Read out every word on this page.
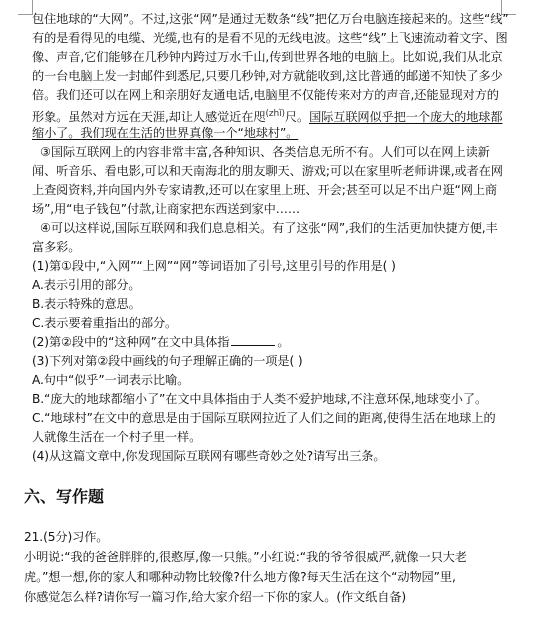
包住地球的“大网”。不过,这张“网”是通过无数条“线”把亿万台电脑连接起来的。这些“线”
有的是看得见的电缆、光缆,也有的是看不见的无线电波。这些“线”上飞速流动着文字、图
像、声音,它们能够在几秒钟内跨过万水千山,传到世界各地的电脑上。比如说,我们从北京
的一台电脑上发一封邮件到悉尼,只要几秒钟,对方就能收到,这比普通的邮递不知快了多少
倍。我们还可以在网上和亲朋好友通电话,电脑里不仅能传来对方的声音,还能显现对方的
形象。虽然对方远在天涯,却让人感觉近在咫$^{(zhǐ)}$尺。国际互联网似乎把一个庞大的地球都
缩小了。我们现在生活的世界真像一个“地球村”。
③国际互联网上的内容非常丰富,各种知识、各类信息无所不有。人们可以在网上读新
闻、听音乐、看电影,可以和天南海北的朋友聊天、游戏;可以在家里听老师讲课,或者在网
上查阅资料,并向国内外专家请教,还可以在家里上班、开会;甚至可以足不出户逛“网上商
场”,用“电子钱包”付款,让商家把东西送到家中……
④可以这样说,国际互联网和我们息息相关。有了这张“网”,我们的生活更加快捷方便,丰
富多彩。
(1)第①段中,“入网”“上网”“网”等词语加了引号,这里引号的作用是( )
A.表示引用的部分。
B.表示特殊的意思。
C.表示要着重指出的部分。
(2)第②段中的“这种网”在文中具体指	。
(3)下列对第②段中画线的句子理解正确的一项是( )
A.句中“似乎”一词表示比喻。
B.“庞大的地球都缩小了”在文中具体指由于人类不爱护地球,不注意环保,地球变小了。
C.“地球村”在文中的意思是由于国际互联网拉近了人们之间的距离,使得生活在地球上的
人就像生活在一个村子里一样。
(4)从这篇文章中,你发现国际互联网有哪些奇妙之处?请写出三条。
六、写作题
21.(5分)习作。
小明说:“我的爸爸胖胖的,很憨厚,像一只熊。”小红说:“我的爷爷很威严,就像一只大老
虎。”想一想,你的家人和哪种动物比较像?什么地方像?每天生活在这个“动物园”里,
你感觉怎么样?请你写一篇习作,给大家介绍一下你的家人。(作文纸自备)
